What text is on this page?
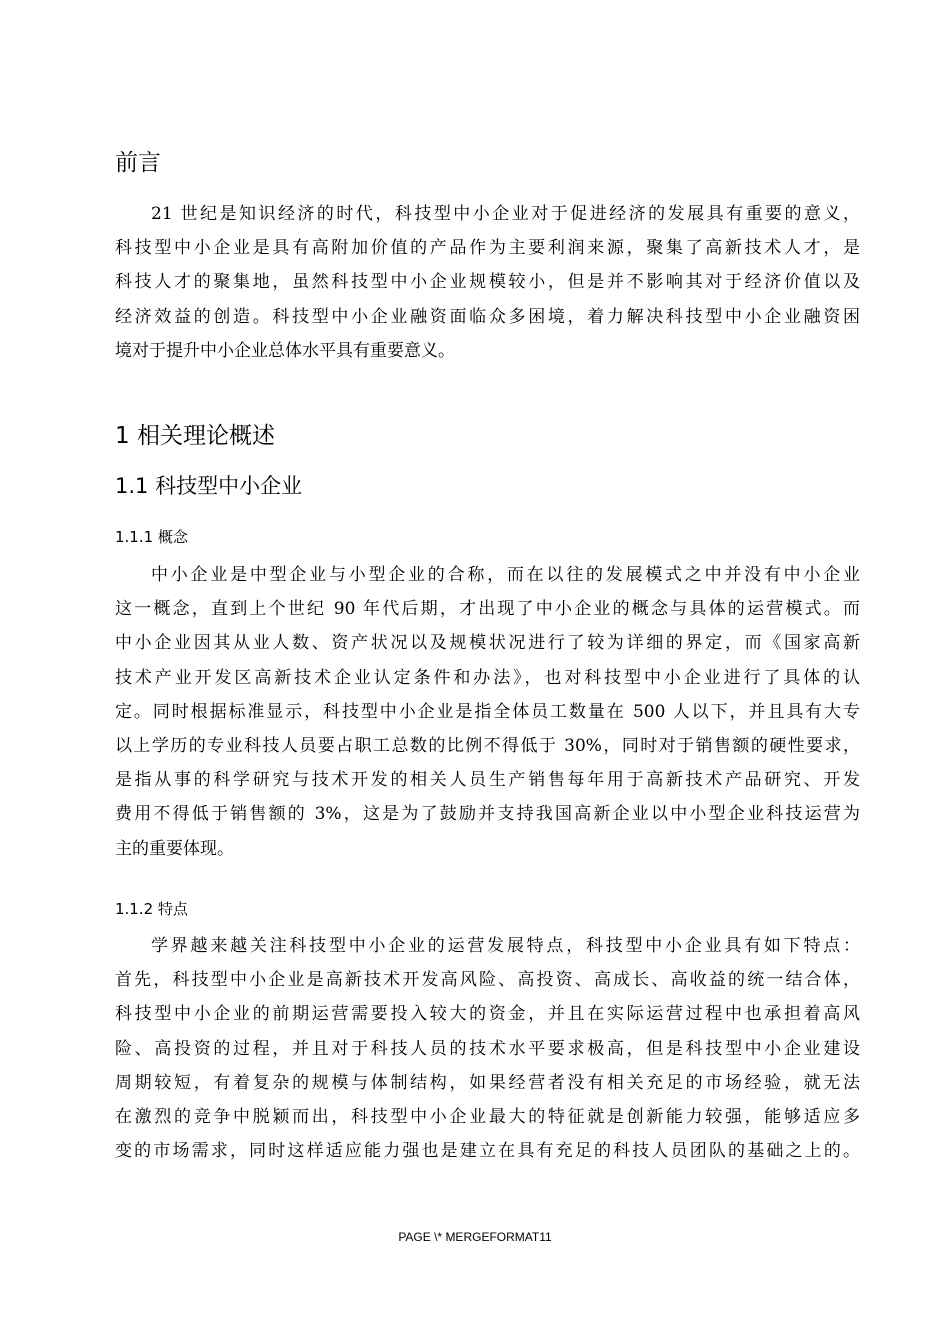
前言
21 世纪是知识经济的时代，科技型中小企业对于促进经济的发展具有重要的意义，
科技型中小企业是具有高附加价值的产品作为主要利润来源，聚集了高新技术人才，是
科技人才的聚集地，虽然科技型中小企业规模较小，但是并不影响其对于经济价值以及
经济效益的创造。科技型中小企业融资面临众多困境，着力解决科技型中小企业融资困
境对于提升中小企业总体水平具有重要意义。
1 相关理论概述
1.1 科技型中小企业
1.1.1 概念
中小企业是中型企业与小型企业的合称，而在以往的发展模式之中并没有中小企业
这一概念，直到上个世纪 90 年代后期，才出现了中小企业的概念与具体的运营模式。而
中小企业因其从业人数、资产状况以及规模状况进行了较为详细的界定，而《国家高新
技术产业开发区高新技术企业认定条件和办法》，也对科技型中小企业进行了具体的认
定。同时根据标准显示，科技型中小企业是指全体员工数量在 500 人以下，并且具有大专
以上学历的专业科技人员要占职工总数的比例不得低于 30%，同时对于销售额的硬性要求，
是指从事的科学研究与技术开发的相关人员生产销售每年用于高新技术产品研究、开发
费用不得低于销售额的 3%，这是为了鼓励并支持我国高新企业以中小型企业科技运营为
主的重要体现。
1.1.2 特点
学界越来越关注科技型中小企业的运营发展特点，科技型中小企业具有如下特点：
首先，科技型中小企业是高新技术开发高风险、高投资、高成长、高收益的统一结合体，
科技型中小企业的前期运营需要投入较大的资金，并且在实际运营过程中也承担着高风
险、高投资的过程，并且对于科技人员的技术水平要求极高，但是科技型中小企业建设
周期较短，有着复杂的规模与体制结构，如果经营者没有相关充足的市场经验，就无法
在激烈的竞争中脱颖而出，科技型中小企业最大的特征就是创新能力较强，能够适应多
变的市场需求，同时这样适应能力强也是建立在具有充足的科技人员团队的基础之上的。
PAGE \* MERGEFORMAT11
